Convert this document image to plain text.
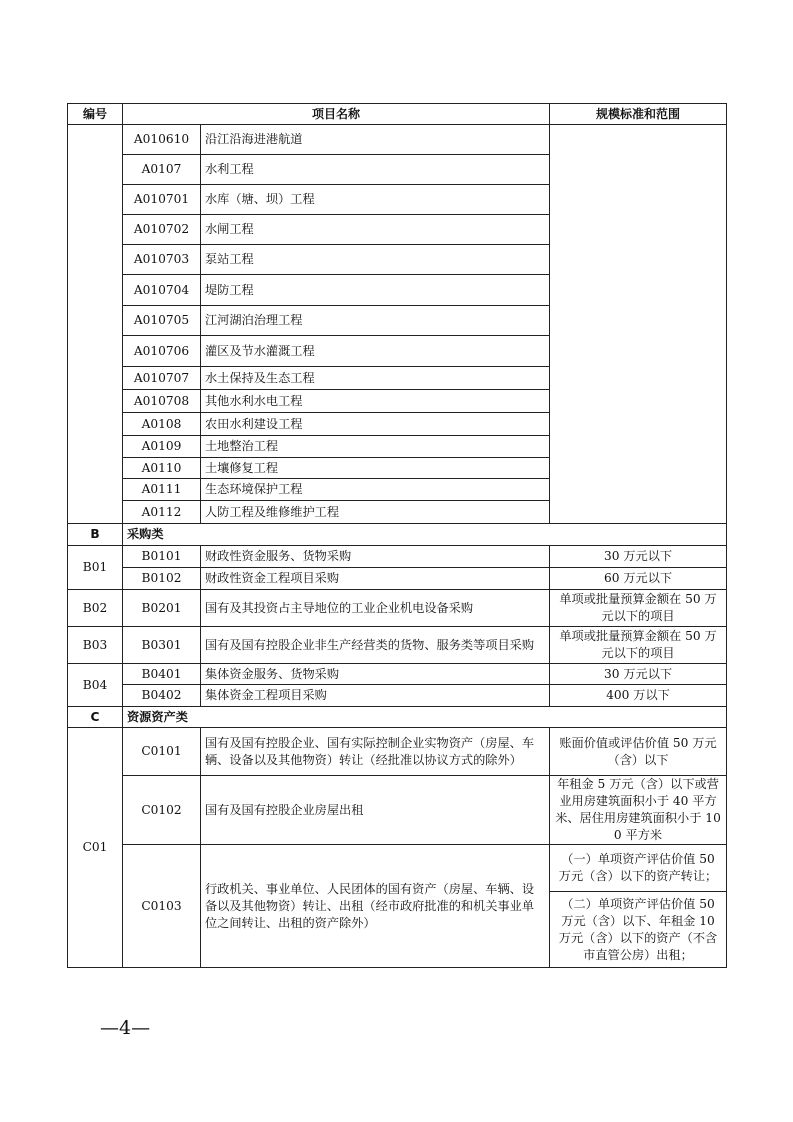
编号	项目名称		规模标准和范围
	A010610	沿江沿海进港航道	
	A0107	水利工程	
	A010701	水库（塘、坝）工程	
	A010702	水闸工程	
	A010703	泵站工程	
	A010704	堤防工程	
	A010705	江河湖泊治理工程	
	A010706	灌区及节水灌溉工程	
	A010707	水土保持及生态工程	
	A010708	其他水利水电工程	
	A0108	农田水利建设工程	
	A0109	土地整治工程	
	A0110	土壤修复工程	
	A0111	生态环境保护工程	
	A0112	人防工程及维修维护工程	
B	采购类		
B01	B0101	财政性资金服务、货物采购	30 万元以下
	B0102	财政性资金工程项目采购	60 万元以下
B02	B0201	国有及其投资占主导地位的工业企业机电设备采购	单项或批量预算金额在 50 万元以下的项目
B03	B0301	国有及国有控股企业非生产经营类的货物、服务类等项目采购	单项或批量预算金额在 50 万元以下的项目
B04	B0401	集体资金服务、货物采购	30 万元以下
	B0402	集体资金工程项目采购	400 万以下
C	资源资产类		
C01	C0101	国有及国有控股企业、国有实际控制企业实物资产（房屋、车辆、设备以及其他物资）转让（经批准以协议方式的除外）	账面价值或评估价值 50 万元（含）以下
	C0102	国有及国有控股企业房屋出租	年租金 5 万元（含）以下或营业用房建筑面积小于 40 平方米、居住用房建筑面积小于 100 平方米
	C0103	行政机关、事业单位、人民团体的国有资产（房屋、车辆、设备以及其他物资）转让、出租（经市政府批准的和机关事业单位之间转让、出租的资产除外）	（一）单项资产评估价值 50 万元（含）以下的资产转让；
			（二）单项资产评估价值 50 万元（含）以下、年租金 10 万元（含）以下的资产（不含市直管公房）出租；
—4—
